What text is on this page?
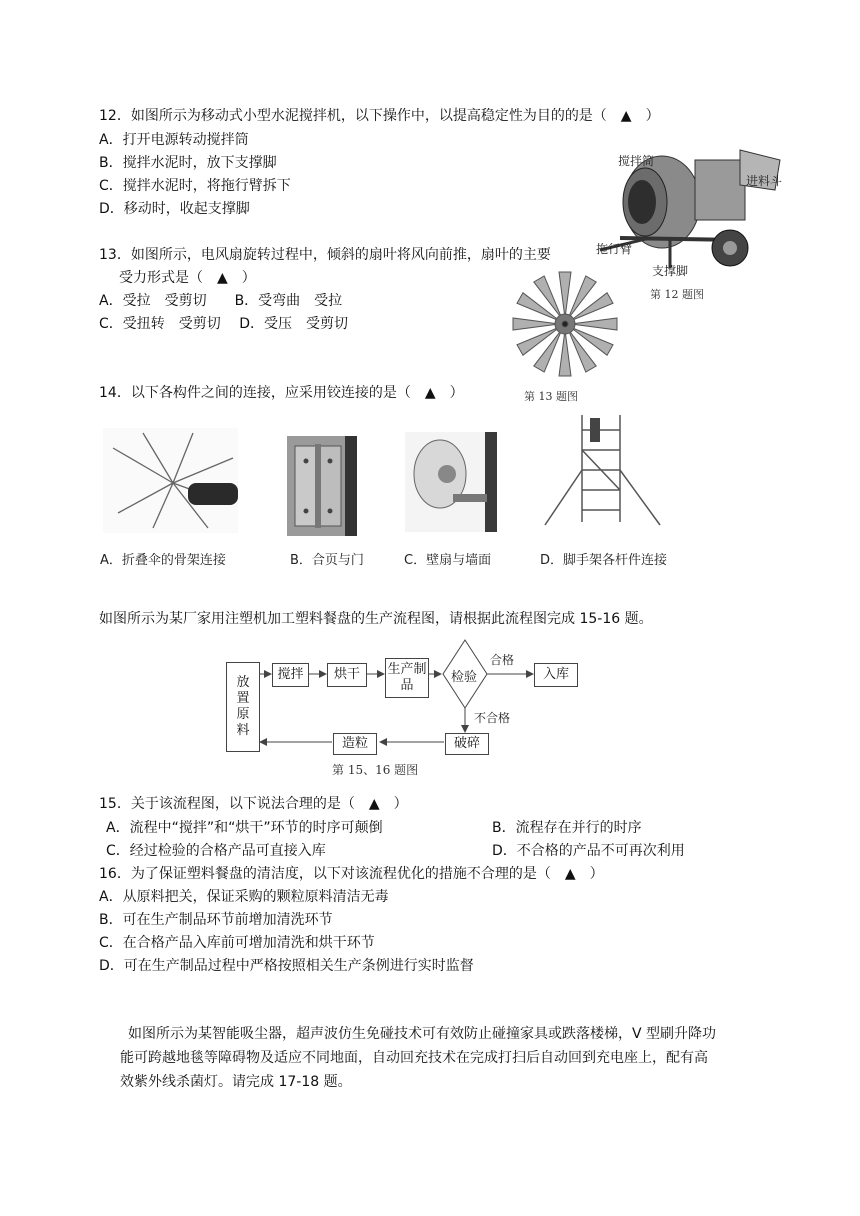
12．如图所示为移动式小型水泥搅拌机，以下操作中，以提高稳定性为目的的是（　▲　）
A．打开电源转动搅拌筒
B．搅拌水泥时，放下支撑脚
C．搅拌水泥时，将拖行臂拆下
D．移动时，收起支撑脚
搅拌筒
进料斗
拖行臂
支撑脚
第 12 题图
13．如图所示，电风扇旋转过程中，倾斜的扇叶将风向前推，扇叶的主要
受力形式是（　▲　）
A．受拉　受剪切　　B．受弯曲　受拉
C．受扭转　受剪切　 D．受压　受剪切
第 13 题图
14．以下各构件之间的连接，应采用铰连接的是（　▲　）
A．折叠伞的骨架连接	B．合页与门	C．壁扇与墙面	D．脚手架各杆件连接
如图所示为某厂家用注塑机加工塑料餐盘的生产流程图，请根据此流程图完成 15-16 题。
放
置
原
料
搅拌	烘干	生产制品
检验
合格
入库
不合格
破碎
造粒
第 15、16 题图
15．关于该流程图，以下说法合理的是（　▲　）
A．流程中“搅拌”和“烘干”环节的时序可颠倒	B．流程存在并行的时序
C．经过检验的合格产品可直接入库	D．不合格的产品不可再次利用
16．为了保证塑料餐盘的清洁度，以下对该流程优化的措施不合理的是（　▲　）
A．从原料把关，保证采购的颗粒原料清洁无毒
B．可在生产制品环节前增加清洗环节
C．在合格产品入库前可增加清洗和烘干环节
D．可在生产制品过程中严格按照相关生产条例进行实时监督
如图所示为某智能吸尘器，超声波仿生免碰技术可有效防止碰撞家具或跌落楼梯，V 型刷升降功
能可跨越地毯等障碍物及适应不同地面，自动回充技术在完成打扫后自动回到充电座上，配有高
效紫外线杀菌灯。请完成 17-18 题。
